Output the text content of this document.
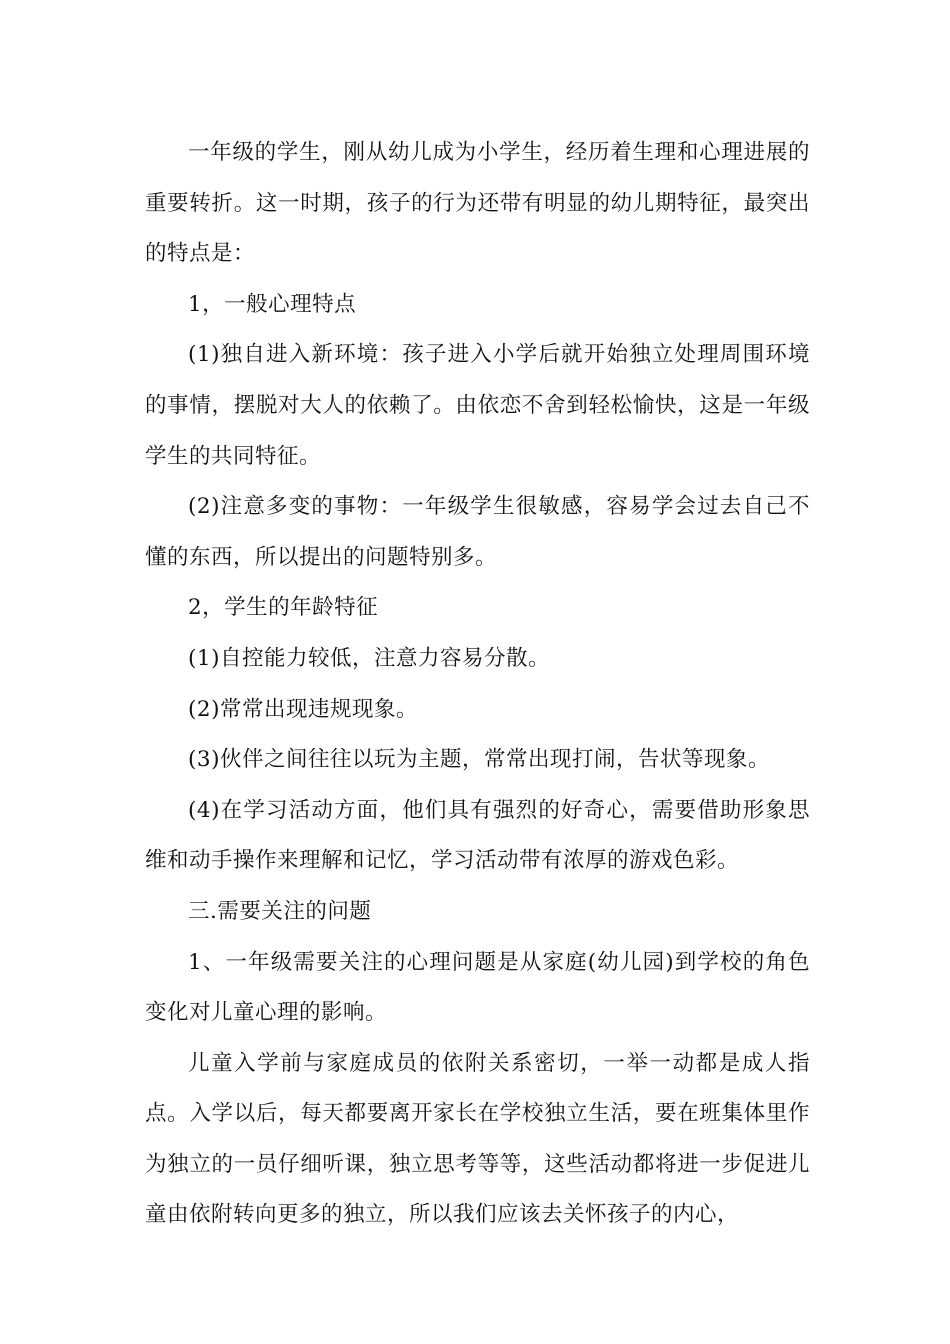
一年级的学生，刚从幼儿成为小学生，经历着生理和心理进展的重要转折。这一时期，孩子的行为还带有明显的幼儿期特征，最突出的特点是：

1，一般心理特点

(1)独自进入新环境：孩子进入小学后就开始独立处理周围环境的事情，摆脱对大人的依赖了。由依恋不舍到轻松愉快，这是一年级学生的共同特征。

(2)注意多变的事物：一年级学生很敏感，容易学会过去自己不懂的东西，所以提出的问题特别多。

2，学生的年龄特征

(1)自控能力较低，注意力容易分散。

(2)常常出现违规现象。

(3)伙伴之间往往以玩为主题，常常出现打闹，告状等现象。

(4)在学习活动方面，他们具有强烈的好奇心，需要借助形象思维和动手操作来理解和记忆，学习活动带有浓厚的游戏色彩。

三.需要关注的问题

1、一年级需要关注的心理问题是从家庭(幼儿园)到学校的角色变化对儿童心理的影响。

儿童入学前与家庭成员的依附关系密切，一举一动都是成人指点。入学以后，每天都要离开家长在学校独立生活，要在班集体里作为独立的一员仔细听课，独立思考等等，这些活动都将进一步促进儿童由依附转向更多的独立，所以我们应该去关怀孩子的内心，
